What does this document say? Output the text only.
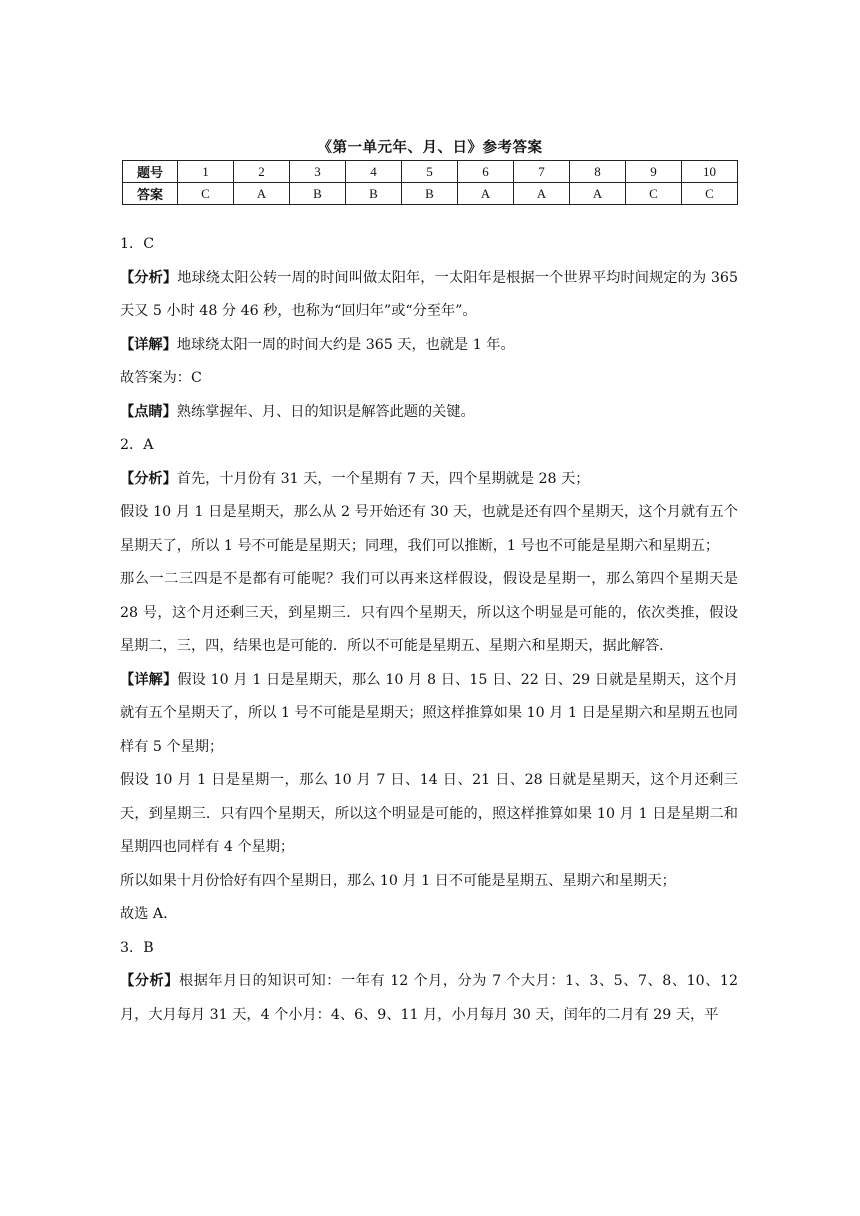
《第一单元年、月、日》参考答案
题号	1	2	3	4	5	6	7	8	9	10
答案	C	A	B	B	B	A	A	A	C	C

1．C

【分析】地球绕太阳公转一周的时间叫做太阳年，一太阳年是根据一个世界平均时间规定的为 365 天又 5 小时 48 分 46 秒，也称为“回归年”或“分至年”。

【详解】地球绕太阳一周的时间大约是 365 天，也就是 1 年。

故答案为：C

【点睛】熟练掌握年、月、日的知识是解答此题的关键。

2．A

【分析】首先，十月份有 31 天，一个星期有 7 天，四个星期就是 28 天；

假设 10 月 1 日是星期天，那么从 2 号开始还有 30 天，也就是还有四个星期天，这个月就有五个星期天了，所以 1 号不可能是星期天；同理，我们可以推断，1 号也不可能是星期六和星期五；

那么一二三四是不是都有可能呢？我们可以再来这样假设，假设是星期一，那么第四个星期天是 28 号，这个月还剩三天，到星期三．只有四个星期天，所以这个明显是可能的，依次类推，假设星期二，三，四，结果也是可能的．所以不可能是星期五、星期六和星期天，据此解答．

【详解】假设 10 月 1 日是星期天，那么 10 月 8 日、15 日、22 日、29 日就是星期天，这个月就有五个星期天了，所以 1 号不可能是星期天；照这样推算如果 10 月 1 日是星期六和星期五也同样有 5 个星期；

假设 10 月 1 日是星期一，那么 10 月 7 日、14 日、21 日、28 日就是星期天，这个月还剩三天，到星期三．只有四个星期天，所以这个明显是可能的，照这样推算如果 10 月 1 日是星期二和星期四也同样有 4 个星期；

所以如果十月份恰好有四个星期日，那么 10 月 1 日不可能是星期五、星期六和星期天；

故选 A．

3．B

【分析】根据年月日的知识可知：一年有 12 个月，分为 7 个大月：1、3、5、7、8、10、12 月，大月每月 31 天，4 个小月：4、6、9、11 月，小月每月 30 天，闰年的二月有 29 天，平
